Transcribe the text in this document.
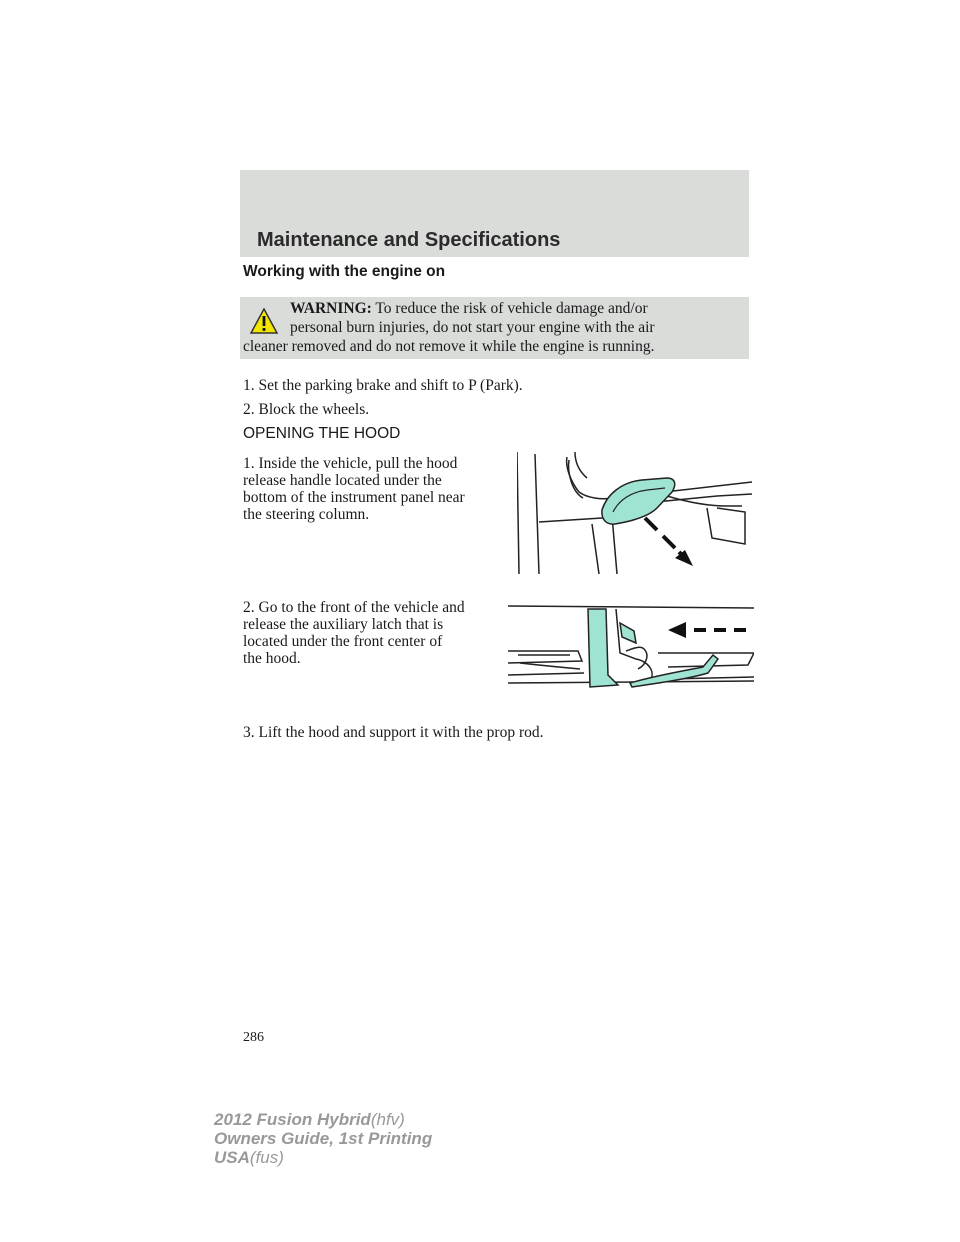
Maintenance and Specifications
Working with the engine on
WARNING: To reduce the risk of vehicle damage and/or
personal burn injuries, do not start your engine with the air
cleaner removed and do not remove it while the engine is running.
1. Set the parking brake and shift to P (Park).
2. Block the wheels.
OPENING THE HOOD
1. Inside the vehicle, pull the hood
release handle located under the
bottom of the instrument panel near
the steering column.
2. Go to the front of the vehicle and
release the auxiliary latch that is
located under the front center of
the hood.
3. Lift the hood and support it with the prop rod.
286
2012 Fusion Hybrid(hfv)
Owners Guide, 1st Printing
USA(fus)
